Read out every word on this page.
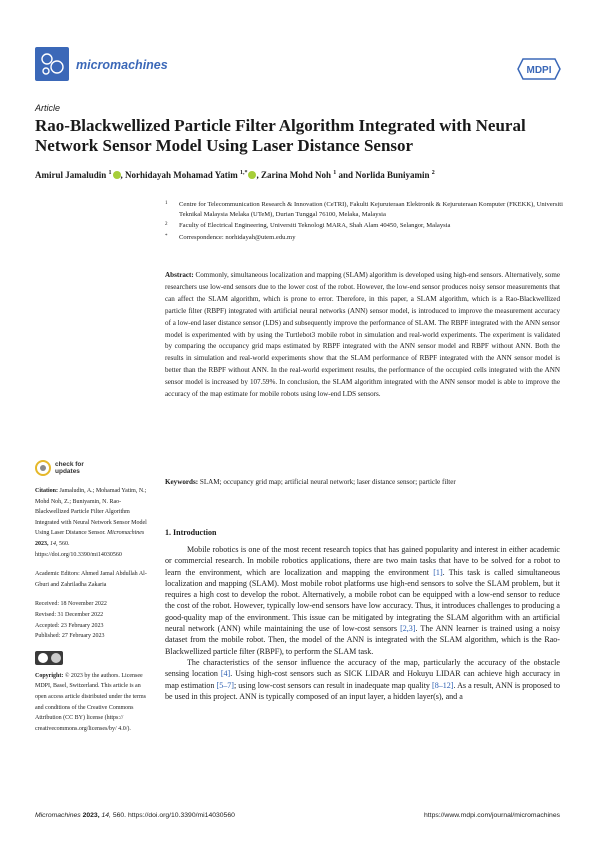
micromachines	MDPI
Article
Rao-Blackwellized Particle Filter Algorithm Integrated with Neural Network Sensor Model Using Laser Distance Sensor
Amirul Jamaludin $^1$ , Norhidayah Mohamad Yatim $^{1,*}$ , Zarina Mohd Noh $^1$ and Norlida Buniyamin $^2$
1 Centre for Telecommunication Research & Innovation (CeTRI), Fakulti Kejuruteraan Elektronik & Kejuruteraan Komputer (FKEKK), Universiti Teknikal Malaysia Melaka (UTeM), Durian Tunggal 76100, Melaka, Malaysia
2 Faculty of Electrical Engineering, Universiti Teknologi MARA, Shah Alam 40450, Selangor, Malaysia
* Correspondence: norhidayah@utem.edu.my
Abstract: Commonly, simultaneous localization and mapping (SLAM) algorithm is developed using high-end sensors. Alternatively, some researchers use low-end sensors due to the lower cost of the robot. However, the low-end sensor produces noisy sensor measurements that can affect the SLAM algorithm, which is prone to error. Therefore, in this paper, a SLAM algorithm, which is a Rao-Blackwellized particle filter (RBPF) integrated with artificial neural networks (ANN) sensor model, is introduced to improve the measurement accuracy of a low-end laser distance sensor (LDS) and subsequently improve the performance of SLAM. The RBPF integrated with the ANN sensor model is experimented with by using the Turtlebot3 mobile robot in simulation and real-world experiments. The experiment is validated by comparing the occupancy grid maps estimated by RBPF integrated with the ANN sensor model and RBPF without ANN. Both the results in simulation and real-world experiments show that the SLAM performance of RBPF integrated with the ANN sensor model is better than the RBPF without ANN. In the real-world experiment results, the performance of the occupied cells integrated with the ANN sensor model is increased by 107.59%. In conclusion, the SLAM algorithm integrated with the ANN sensor model is able to improve the accuracy of the map estimate for mobile robots using low-end LDS sensors.
Keywords: SLAM; occupancy grid map; artificial neural network; laser distance sensor; particle filter
check for
updates
Citation: Jamaludin, A.; Mohamad Yatim, N.; Mohd Noh, Z.; Buniyamin, N. Rao-Blackwellized Particle Filter Algorithm Integrated with Neural Network Sensor Model Using Laser Distance Sensor. Micromachines 2023, 14, 560. https://doi.org/10.3390/mi14030560
Academic Editors: Ahmed Jamal Abdullah Al-Gburi and Zahriladha Zakaria
Received: 18 November 2022
Revised: 31 December 2022
Accepted: 23 February 2023
Published: 27 February 2023
Copyright: © 2023 by the authors. Licensee MDPI, Basel, Switzerland. This article is an open access article distributed under the terms and conditions of the Creative Commons Attribution (CC BY) license (https:// creativecommons.org/licenses/by/ 4.0/).
1. Introduction

Mobile robotics is one of the most recent research topics that has gained popularity and interest in either academic or commercial research. In mobile robotics applications, there are two main tasks that have to be solved for a robot to learn the environment, which are localization and mapping the environment [1]. This task is called simultaneous localization and mapping (SLAM). Most mobile robot platforms use high-end sensors to solve the SLAM problem, but it requires a high cost to develop the robot. Alternatively, a mobile robot can be equipped with a low-end sensor to reduce the cost of the robot. However, typically low-end sensors have low accuracy. Thus, it introduces challenges to producing a good-quality map of the environment. This issue can be mitigated by integrating the SLAM algorithm with an artificial neural network (ANN) while maintaining the use of low-cost sensors [2,3]. The ANN learner is trained using a noisy dataset from the mobile robot. Then, the model of the ANN is integrated with the SLAM algorithm, which is the Rao-Blackwellized particle filter (RBPF), to perform the SLAM task.

The characteristics of the sensor influence the accuracy of the map, particularly the accuracy of the obstacle sensing location [4]. Using high-cost sensors such as SICK LIDAR and Hokuyu LIDAR can achieve high accuracy in map estimation [5–7]; using low-cost sensors can result in inadequate map quality [8–12]. As a result, ANN is proposed to be used in this project. ANN is typically composed of an input layer, a hidden layer(s), and a

Micromachines 2023, 14, 560. https://doi.org/10.3390/mi14030560	https://www.mdpi.com/journal/micromachines
